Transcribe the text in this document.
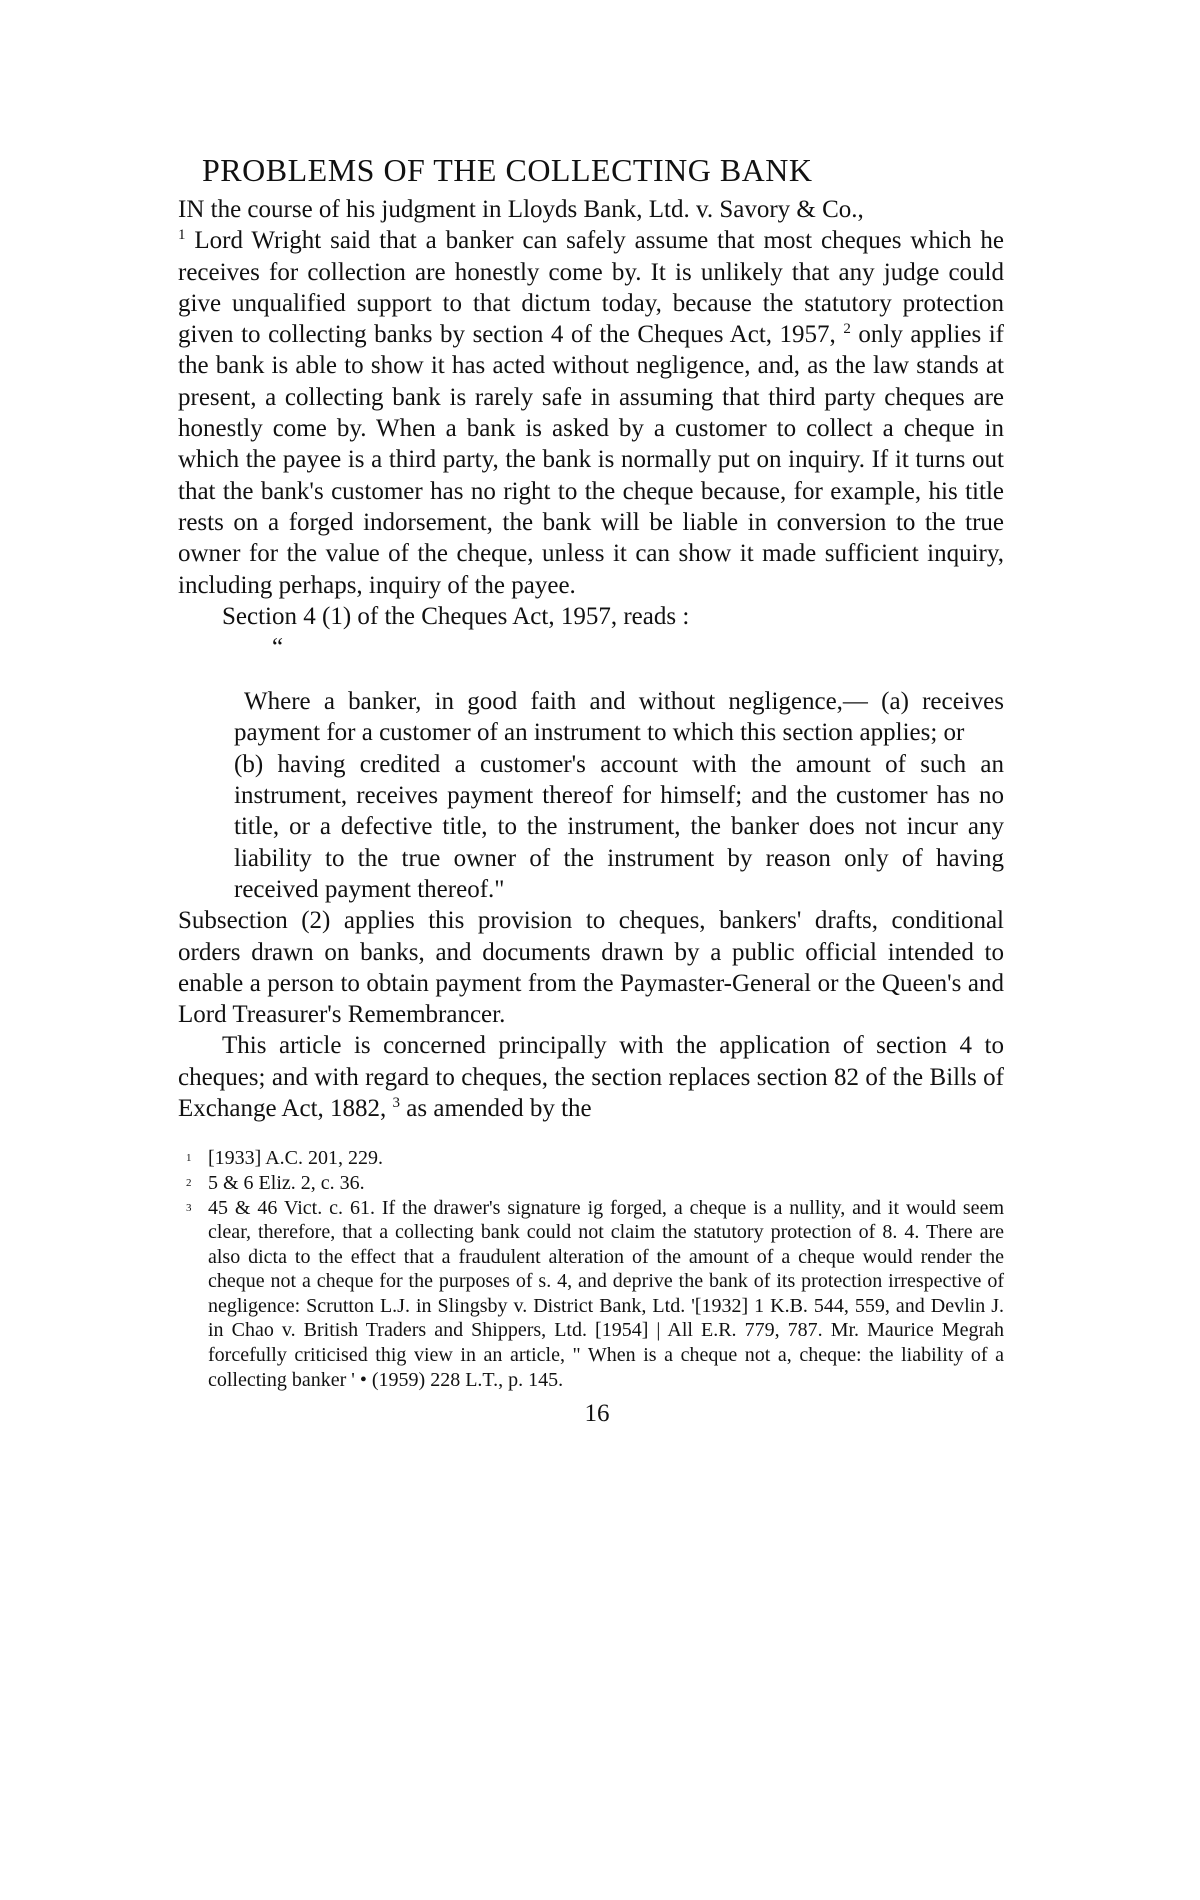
PROBLEMS OF THE COLLECTING BANK

IN the course of his judgment in Lloyds Bank, Ltd. v. Savory & Co.,
$^1$ Lord Wright said that a banker can safely assume that most cheques which he receives for collection are honestly come by. It is unlikely that any judge could give unqualified support to that dictum today, because the statutory protection given to collecting banks by section 4 of the Cheques Act, 1957, $^2$ only applies if the bank is able to show it has acted without negligence, and, as the law stands at present, a collecting bank is rarely safe in assuming that third party cheques are honestly come by. When a bank is asked by a customer to collect a cheque in which the payee is a third party, the bank is normally put on inquiry. If it turns out that the bank's customer has no right to the cheque because, for example, his title rests on a forged indorsement, the bank will be liable in conversion to the true owner for the value of the cheque, unless it can show it made sufficient inquiry, including perhaps, inquiry of the payee.

Section 4 (1) of the Cheques Act, 1957, reads :

“

Where a banker, in good faith and without negligence,— (a) receives payment for a customer of an instrument to which this section applies; or

(b) having credited a customer's account with the amount of such an instrument, receives payment thereof for himself; and the customer has no title, or a defective title, to the instrument, the banker does not incur any liability to the true owner of the instrument by reason only of having received payment thereof."

Subsection (2) applies this provision to cheques, bankers' drafts, conditional orders drawn on banks, and documents drawn by a public official intended to enable a person to obtain payment from the Paymaster-General or the Queen's and Lord Treasurer's Remembrancer.

This article is concerned principally with the application of section 4 to cheques; and with regard to cheques, the section replaces section 82 of the Bills of Exchange Act, 1882, $^3$ as amended by the

1 [1933] A.C. 201, 229.
2 5 & 6 Eliz. 2, c. 36.
3 45 & 46 Vict. c. 61. If the drawer's signature ig forged, a cheque is a nullity, and it would seem clear, therefore, that a collecting bank could not claim the statutory protection of 8. 4. There are also dicta to the effect that a fraudulent alteration of the amount of a cheque would render the cheque not a cheque for the purposes of s. 4, and deprive the bank of its protection irrespective of negligence: Scrutton L.J. in Slingsby v. District Bank, Ltd. '[1932] 1 K.B. 544, 559, and Devlin J. in Chao v. British Traders and Shippers, Ltd. [1954] | All E.R. 779, 787. Mr. Maurice Megrah forcefully criticised thig view in an article, " When is a cheque not a, cheque: the liability of a collecting banker ' • (1959) 228 L.T., p. 145.
16
